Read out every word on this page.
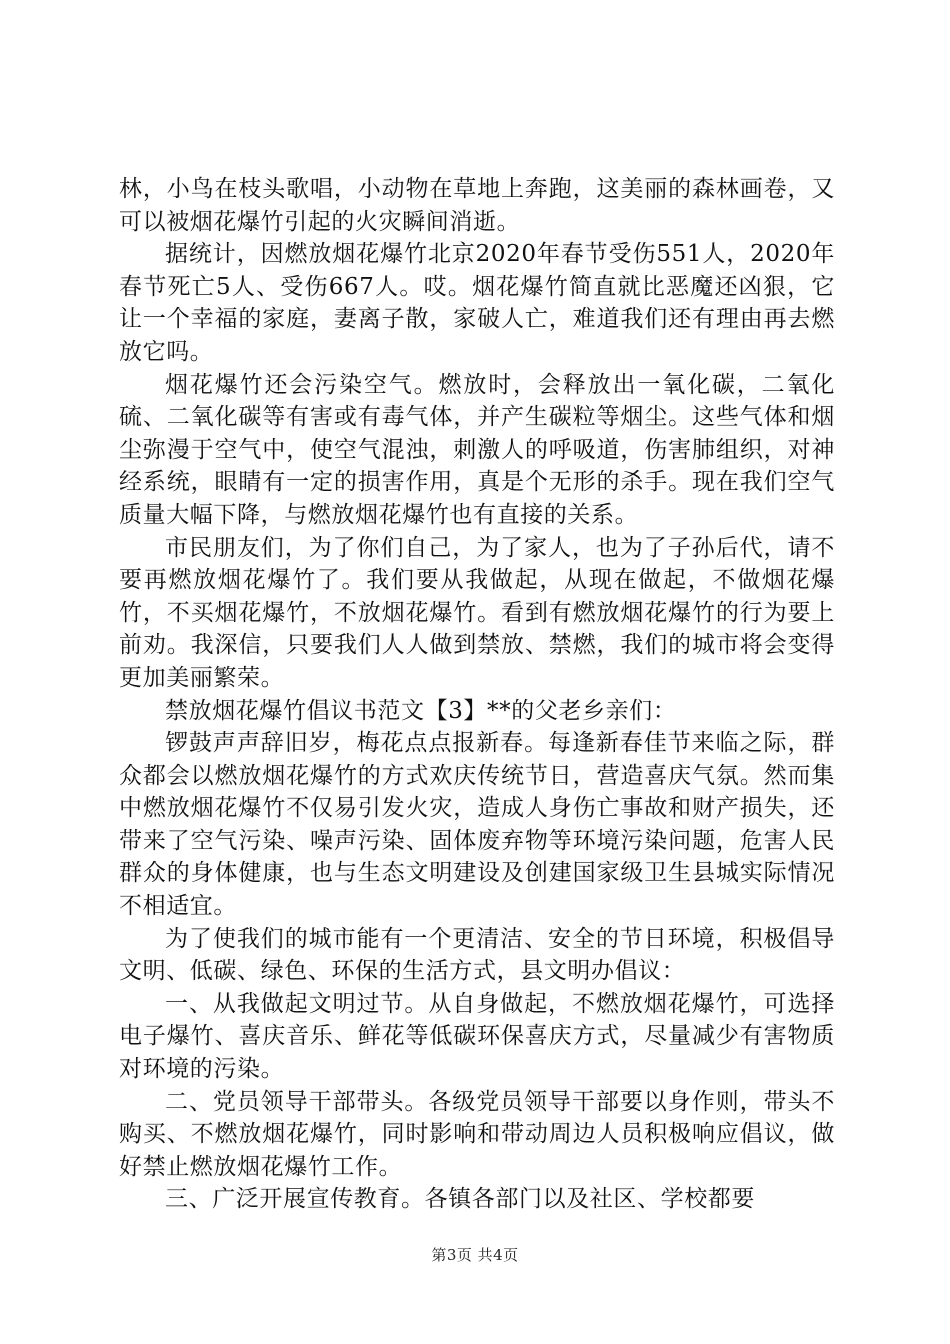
林，小鸟在枝头歌唱，小动物在草地上奔跑，这美丽的森林画卷，又可以被烟花爆竹引起的火灾瞬间消逝。

据统计，因燃放烟花爆竹北京2020年春节受伤551人，2020年春节死亡5人、受伤667人。哎。烟花爆竹简直就比恶魔还凶狠，它让一个幸福的家庭，妻离子散，家破人亡，难道我们还有理由再去燃放它吗。

烟花爆竹还会污染空气。燃放时，会释放出一氧化碳，二氧化硫、二氧化碳等有害或有毒气体，并产生碳粒等烟尘。这些气体和烟尘弥漫于空气中，使空气混浊，刺激人的呼吸道，伤害肺组织，对神经系统，眼睛有一定的损害作用，真是个无形的杀手。现在我们空气质量大幅下降，与燃放烟花爆竹也有直接的关系。

市民朋友们，为了你们自己，为了家人，也为了子孙后代，请不要再燃放烟花爆竹了。我们要从我做起，从现在做起，不做烟花爆竹，不买烟花爆竹，不放烟花爆竹。看到有燃放烟花爆竹的行为要上前劝。我深信，只要我们人人做到禁放、禁燃，我们的城市将会变得更加美丽繁荣。

禁放烟花爆竹倡议书范文【3】**的父老乡亲们：

锣鼓声声辞旧岁，梅花点点报新春。每逢新春佳节来临之际，群众都会以燃放烟花爆竹的方式欢庆传统节日，营造喜庆气氛。然而集中燃放烟花爆竹不仅易引发火灾，造成人身伤亡事故和财产损失，还带来了空气污染、噪声污染、固体废弃物等环境污染问题，危害人民群众的身体健康，也与生态文明建设及创建国家级卫生县城实际情况不相适宜。

为了使我们的城市能有一个更清洁、安全的节日环境，积极倡导文明、低碳、绿色、环保的生活方式，县文明办倡议：

一、从我做起文明过节。从自身做起，不燃放烟花爆竹，可选择电子爆竹、喜庆音乐、鲜花等低碳环保喜庆方式，尽量减少有害物质对环境的污染。

二、党员领导干部带头。各级党员领导干部要以身作则，带头不购买、不燃放烟花爆竹，同时影响和带动周边人员积极响应倡议，做好禁止燃放烟花爆竹工作。

三、广泛开展宣传教育。各镇各部门以及社区、学校都要

第3页 共4页
